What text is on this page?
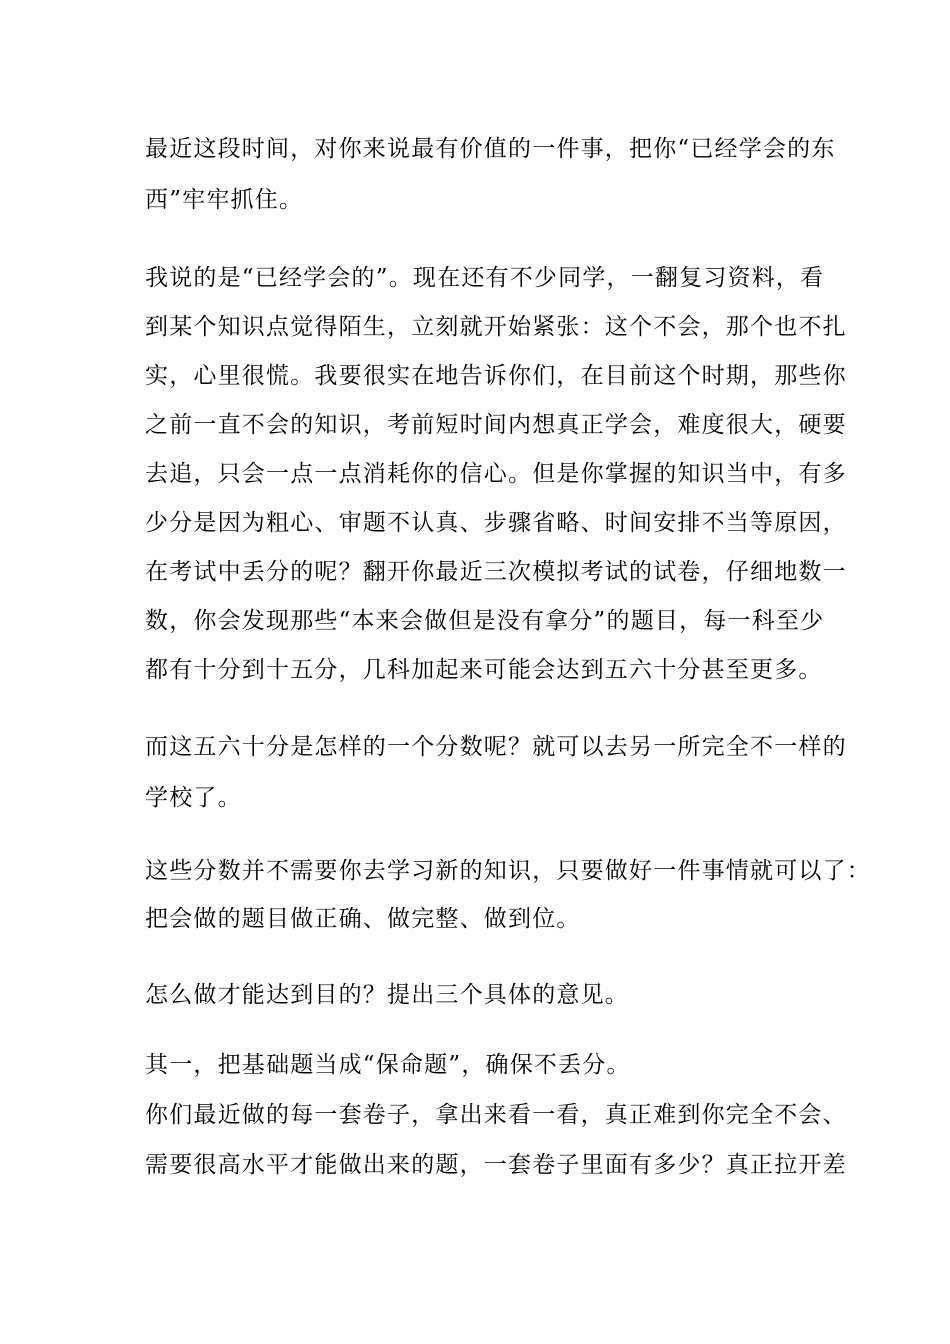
最近这段时间，对你来说最有价值的一件事，把你“已经学会的东
西”牢牢抓住。
我说的是“已经学会的”。现在还有不少同学，一翻复习资料，看
到某个知识点觉得陌生，立刻就开始紧张：这个不会，那个也不扎
实，心里很慌。我要很实在地告诉你们，在目前这个时期，那些你
之前一直不会的知识，考前短时间内想真正学会，难度很大，硬要
去追，只会一点一点消耗你的信心。但是你掌握的知识当中，有多
少分是因为粗心、审题不认真、步骤省略、时间安排不当等原因，
在考试中丢分的呢？翻开你最近三次模拟考试的试卷，仔细地数一
数，你会发现那些“本来会做但是没有拿分”的题目，每一科至少
都有十分到十五分，几科加起来可能会达到五六十分甚至更多。
而这五六十分是怎样的一个分数呢？就可以去另一所完全不一样的
学校了。
这些分数并不需要你去学习新的知识，只要做好一件事情就可以了：
把会做的题目做正确、做完整、做到位。
怎么做才能达到目的？提出三个具体的意见。
其一，把基础题当成“保命题”，确保不丢分。
你们最近做的每一套卷子，拿出来看一看，真正难到你完全不会、
需要很高水平才能做出来的题，一套卷子里面有多少？真正拉开差
